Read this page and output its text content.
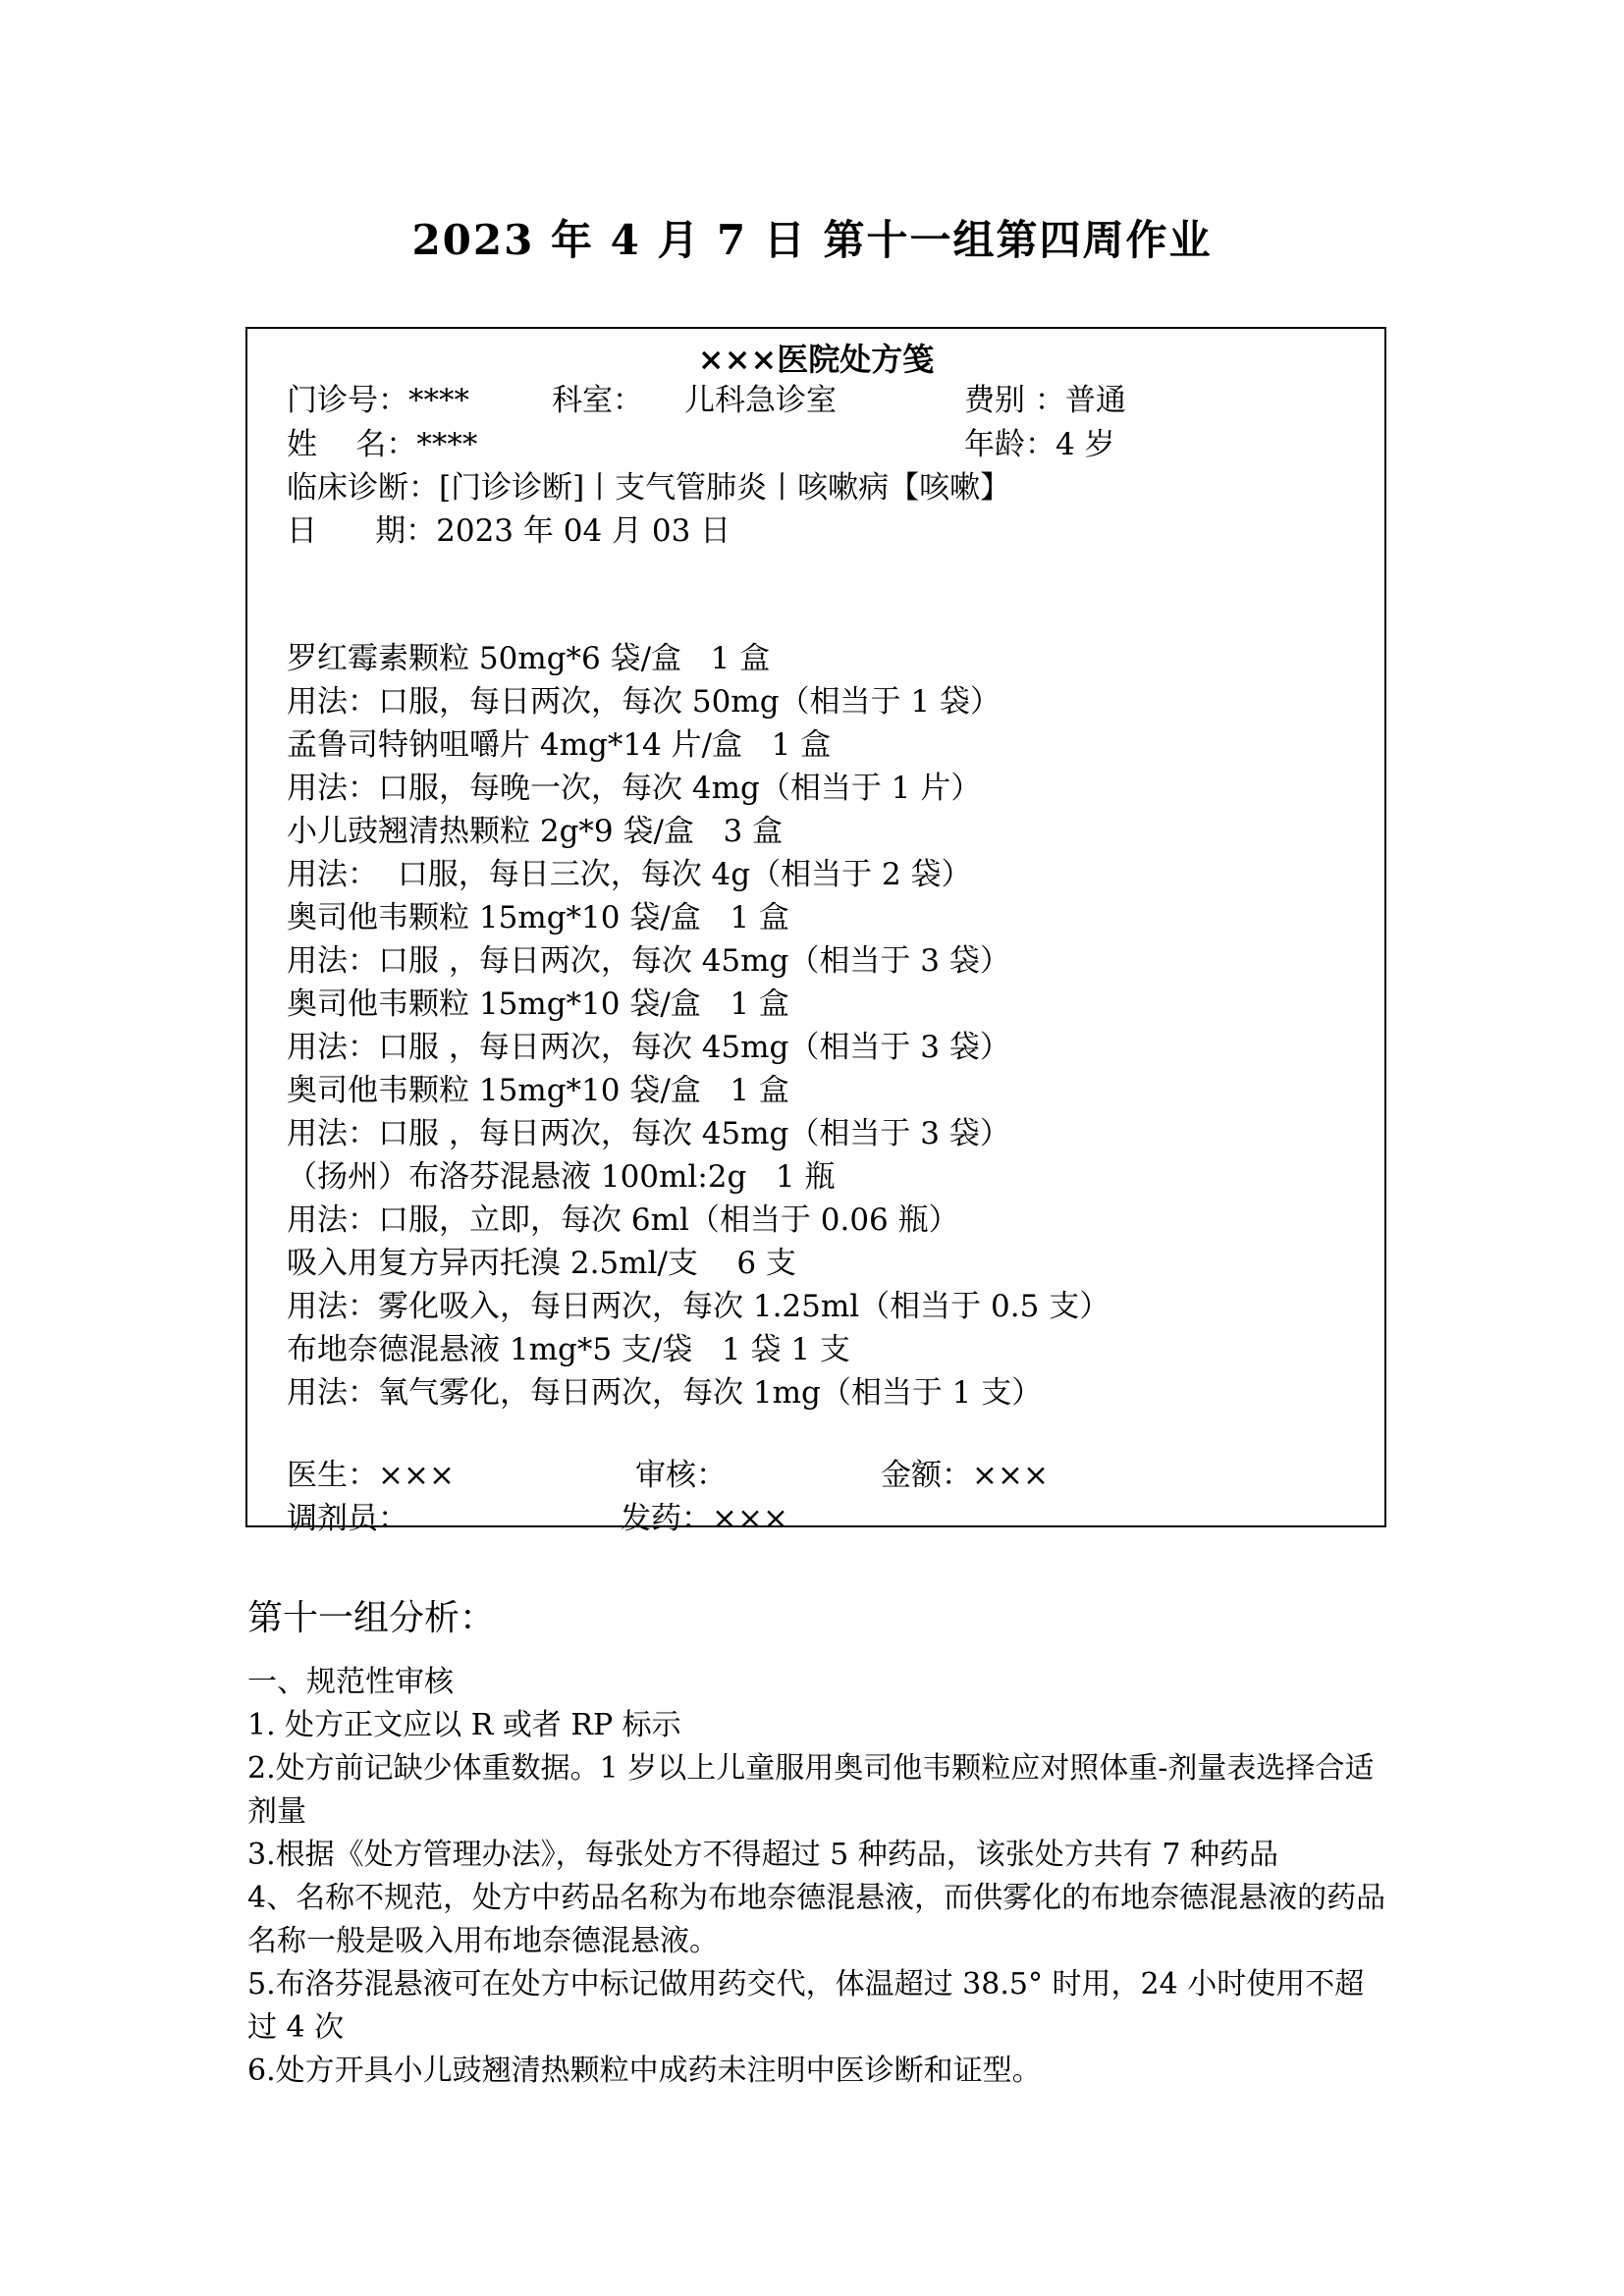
2023 年 4 月 7 日 第十一组第四周作业
×××医院处方笺
门诊号：****	科室： 儿科急诊室	费别 ：普通
姓    名：****	年龄：4 岁
临床诊断：[门诊诊断]丨支气管肺炎丨咳嗽病【咳嗽】
日      期：2023 年 04 月 03 日
罗红霉素颗粒 50mg*6 袋/盒   1 盒
用法：口服，每日两次，每次 50mg（相当于 1 袋）
孟鲁司特钠咀嚼片 4mg*14 片/盒   1 盒
用法：口服，每晚一次，每次 4mg（相当于 1 片）
小儿豉翘清热颗粒 2g*9 袋/盒   3 盒
用法：  口服，每日三次，每次 4g（相当于 2 袋）
奥司他韦颗粒 15mg*10 袋/盒   1 盒
用法：口服 ，每日两次，每次 45mg（相当于 3 袋）
奥司他韦颗粒 15mg*10 袋/盒   1 盒
用法：口服 ，每日两次，每次 45mg（相当于 3 袋）
奥司他韦颗粒 15mg*10 袋/盒   1 盒
用法：口服 ，每日两次，每次 45mg（相当于 3 袋）
（扬州）布洛芬混悬液 100ml:2g   1 瓶
用法：口服，立即，每次 6ml（相当于 0.06 瓶）
吸入用复方异丙托溴 2.5ml/支    6 支
用法：雾化吸入，每日两次，每次 1.25ml（相当于 0.5 支）
布地奈德混悬液 1mg*5 支/袋   1 袋 1 支
用法：氧气雾化，每日两次，每次 1mg（相当于 1 支）
医生：×××	审核：	金额：×××
调剂员：	发药：×××
第十一组分析：
一、规范性审核
1. 处方正文应以 R 或者 RP 标示
2.处方前记缺少体重数据。1 岁以上儿童服用奥司他韦颗粒应对照体重-剂量表选择合适剂量
3.根据《处方管理办法》，每张处方不得超过 5 种药品，该张处方共有 7 种药品
4、名称不规范，处方中药品名称为布地奈德混悬液，而供雾化的布地奈德混悬液的药品名称一般是吸入用布地奈德混悬液。
5.布洛芬混悬液可在处方中标记做用药交代，体温超过 38.5° 时用，24 小时使用不超过 4 次
6.处方开具小儿豉翘清热颗粒中成药未注明中医诊断和证型。
